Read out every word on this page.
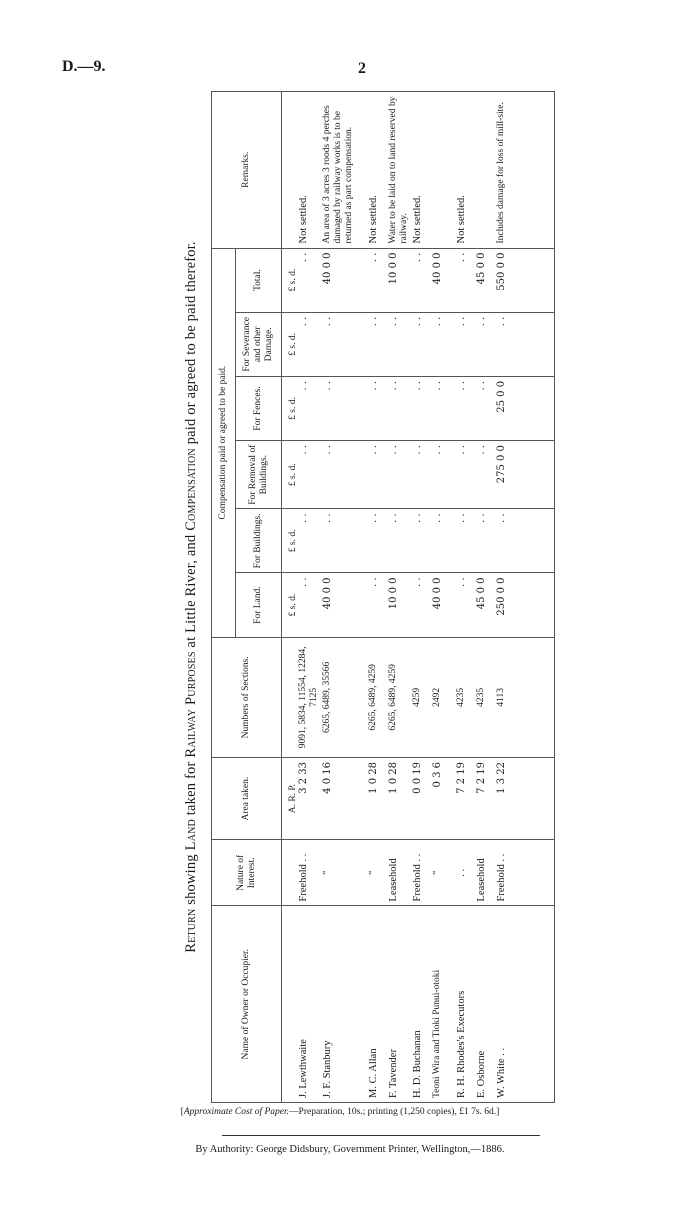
D.—9.	2
Return showing Land taken for Railway Purposes at Little River, and Compensation paid or agreed to be paid therefor.
Name of Owner or Occupier.	Nature of Interest.	Area taken.	Numbers of Sections.	Compensation paid or agreed to be paid.						Remarks.
				For Land.	For Buildings.	For Removal of Buildings.	For Fences.	For Severance and other Damage.	Total.	
		A. R. P.		£ s. d.	£ s. d.	£ s. d.	£ s. d.	£ s. d.	£ s. d.	
J. Lewthwaite	Freehold . .	3 2 33	9091, 5834, 11554, 12284, 7125	. .	. .	. .	. .	. .	. .	Not settled.
J. F. Stanbury	"	4 0 16	6265, 6489, 35566	40 0 0	. .	. .	. .	. .	40 0 0	An area of 3 acres 3 roods 4 perches damaged by railway works is to be returned as part compensation.
M. C. Allan	"	1 0 28	6265, 6489, 4259	. .	. .	. .	. .	. .	. .	Not settled.
F. Tavender	Leasehold	1 0 28	6265, 6489, 4259	10 0 0	. .	. .	. .	. .	10 0 0	Water to be laid on to land reserved by railway.
H. D. Buchanan	Freehold . .	0 0 19	4259	. .	. .	. .	. .	. .	. .	Not settled.
Teoni Wira and Tioki Punui-otoki	"	0 3 6	2492	40 0 0	. .	. .	. .	. .	40 0 0	
R. H. Rhodes's Executors	. .	7 2 19	4235	. .	. .	. .	. .	. .	. .	Not settled.
E. Osborne	Leasehold	7 2 19	4235	45 0 0	. .	. .	. .	. .	45 0 0	
W. White . .	Freehold . .	1 3 22	4113	250 0 0	. .	275 0 0	25 0 0	. .	550 0 0	Includes damage for loss of mill-site.
[Approximate Cost of Paper.—Preparation, 10s.; printing (1,250 copies), £1 7s. 6d.]
By Authority: George Didsbury, Government Printer, Wellington,—1886.
